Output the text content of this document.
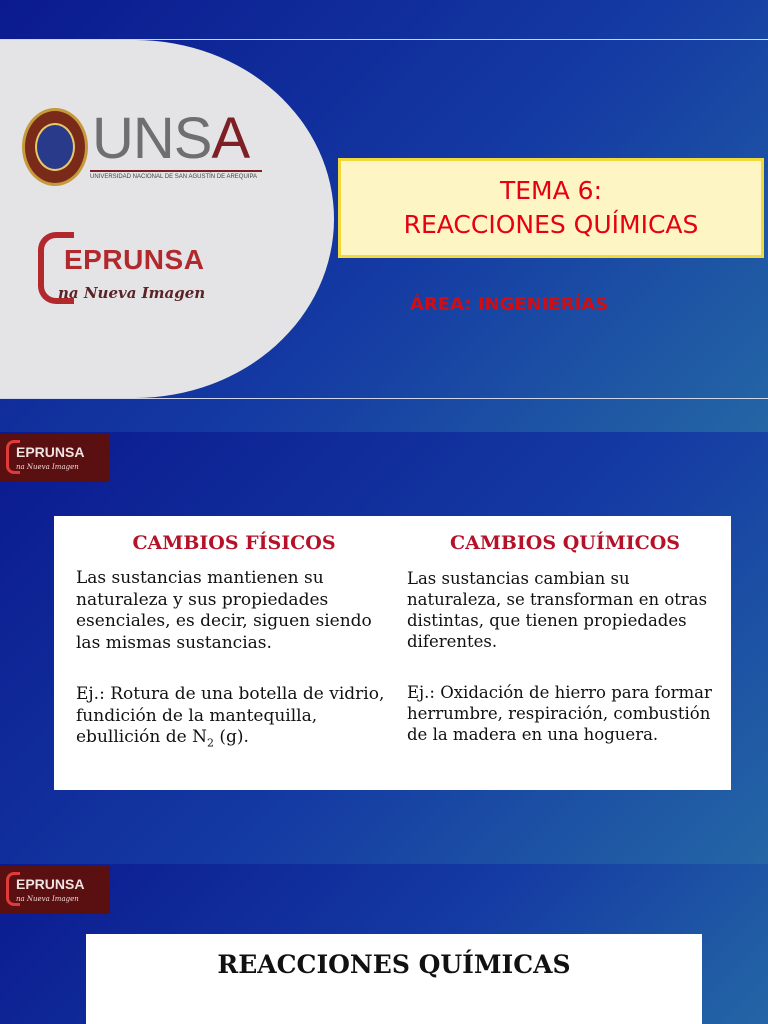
UNSA
UNIVERSIDAD NACIONAL DE SAN AGUSTÍN DE AREQUIPA
EPRUNSA
na Nueva Imagen
TEMA 6:
REACCIONES QUÍMICAS
ÁREA: INGENIERÍAS
EPRUNSA
na Nueva Imagen
CAMBIOS FÍSICOS

Las sustancias mantienen su naturaleza y sus propiedades esenciales, es decir, siguen siendo las mismas sustancias.

Ej.: Rotura de una botella de vidrio, fundición de la mantequilla, ebullición de $N_2$ (g).

CAMBIOS QUÍMICOS

Las sustancias cambian su naturaleza, se transforman en otras distintas, que tienen propiedades diferentes.

Ej.: Oxidación de hierro para formar herrumbre, respiración, combustión de la madera en una hoguera.

EPRUNSA
na Nueva Imagen
REACCIONES QUÍMICAS
